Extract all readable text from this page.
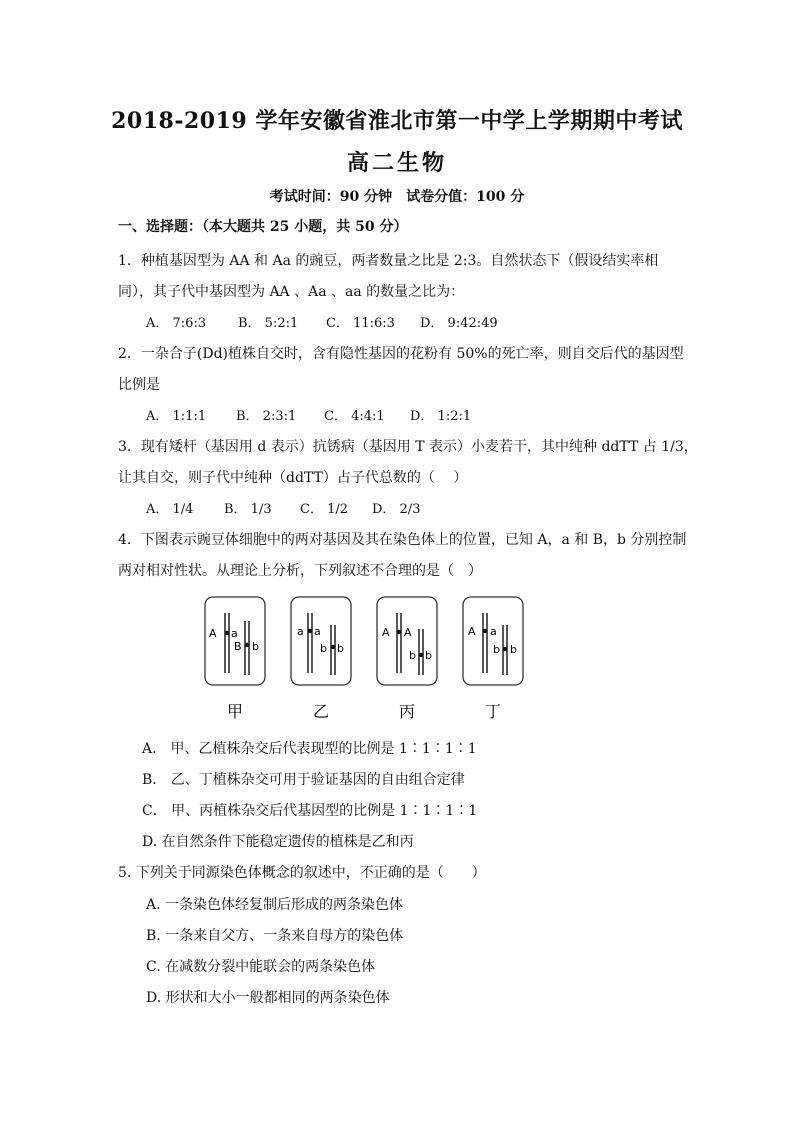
2018-2019 学年安徽省淮北市第一中学上学期期中考试
高二生物
考试时间：90 分钟　试卷分值：100 分
一、选择题：（本大题共 25 小题，共 50 分）
1．种植基因型为 AA 和 Aa 的豌豆，两者数量之比是 2:3。自然状态下（假设结实率相
同），其子代中基因型为 AA 、Aa 、aa 的数量之比为：
A． 7:6:3 B． 5:2:1 C． 11:6:3 D． 9:42:49
2．一杂合子(Dd)植株自交时，含有隐性基因的花粉有 50%的死亡率，则自交后代的基因型
比例是
A． 1:1:1 B． 2:3:1 C． 4:4:1 D． 1:2:1
3．现有矮杆（基因用 d 表示）抗锈病（基因用 T 表示）小麦若干，其中纯种 ddTT 占 1/3，
让其自交，则子代中纯种（ddTT）占子代总数的（　 ）
A． 1/4 B． 1/3 C． 1/2 D． 2/3
4．下图表示豌豆体细胞中的两对基因及其在染色体上的位置，已知 A，a 和 B，b 分别控制
两对相对性状。从理论上分析，下列叙述不合理的是（　）
A a
B b
a a
b b
A A
b b
A a
b b
甲	乙	丙	丁
A． 甲、乙植株杂交后代表现型的比例是 1∶1∶1∶1
B． 乙、丁植株杂交可用于验证基因的自由组合定律
C． 甲、丙植株杂交后代基因型的比例是 1∶1∶1∶1
D. 在自然条件下能稳定遗传的植株是乙和丙
5. 下列关于同源染色体概念的叙述中，不正确的是（　　）
A. 一条染色体经复制后形成的两条染色体
B. 一条来自父方、一条来自母方的染色体
C. 在减数分裂中能联会的两条染色体
D. 形状和大小一般都相同的两条染色体
